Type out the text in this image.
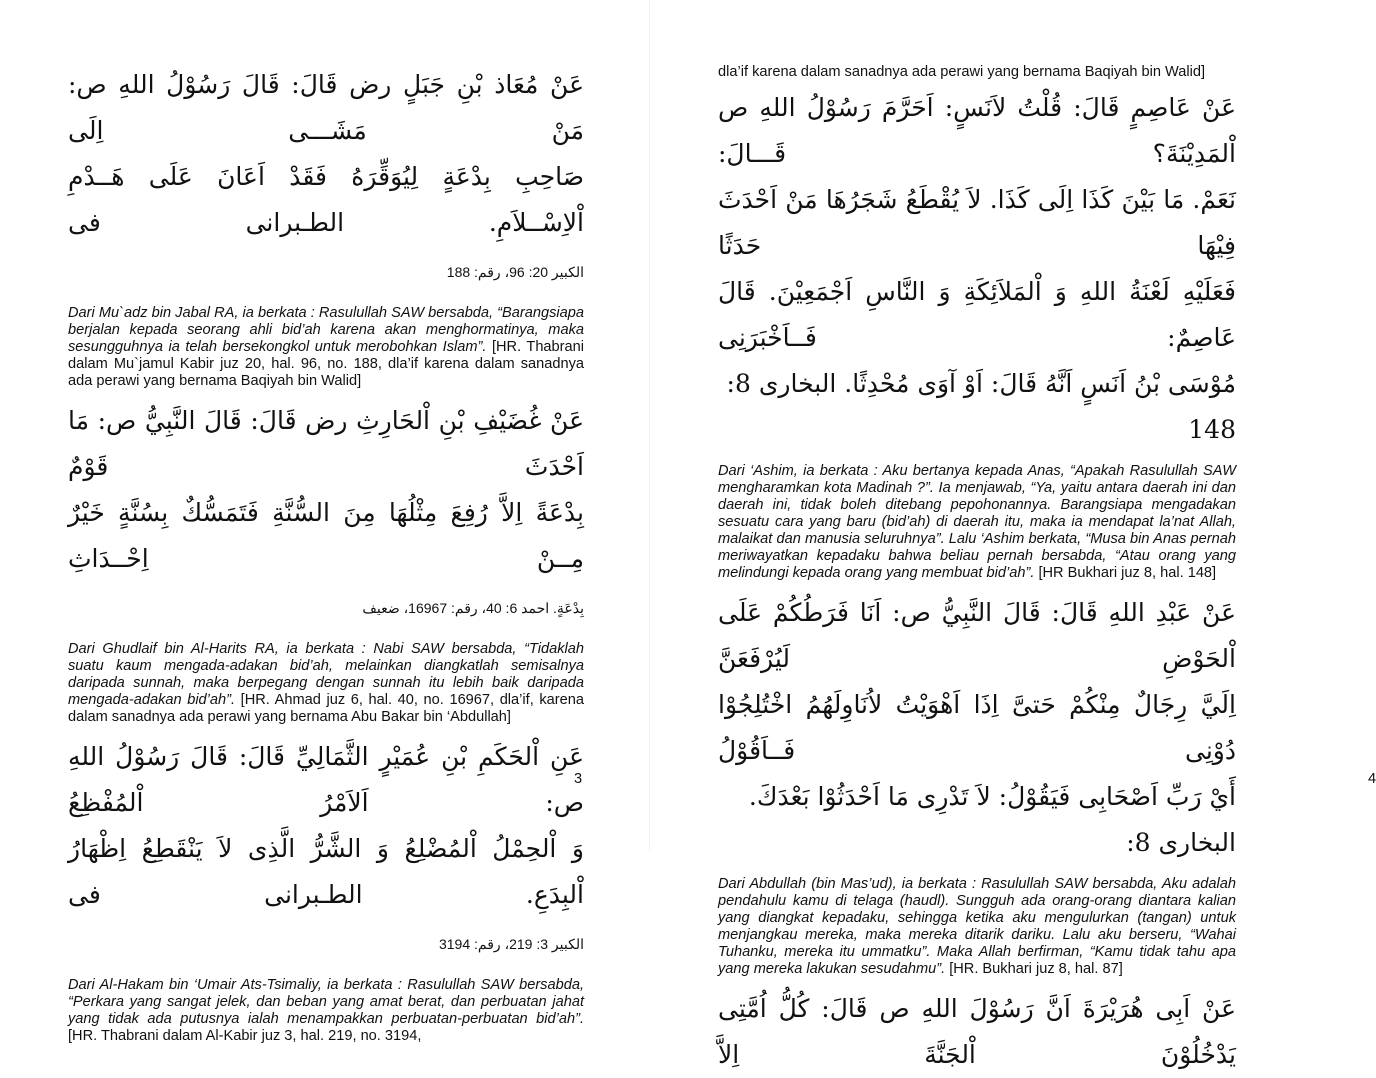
عَنْ مُعَاذ بْنِ جَبَلٍ رض قَالَ: قَالَ رَسُوْلُ اللهِ ص: مَنْ مَشَـــى اِلَى

صَاحِبِ بِدْعَةٍ لِيُوَقِّرَهُ فَقَدْ اَعَانَ عَلَى هَــدْمِ اْلاِسْــلاَمِ. الطـبرانى فى

الكبير 20: 96، رقم: 188

Dari Mu`adz bin Jabal RA, ia berkata : Rasulullah SAW bersabda, “Barangsiapa berjalan kepada seorang ahli bid’ah karena akan menghormatinya, maka sesungguhnya ia telah bersekongkol untuk merobohkan Islam”. [HR. Thabrani dalam Mu`jamul Kabir juz 20, hal. 96, no. 188, dla’if karena dalam sanadnya ada perawi yang bernama Baqiyah bin Walid]

عَنْ غُضَيْفِ بْنِ اْلحَارِثِ رض قَالَ: قَالَ النَّبِيُّ ص: مَا اَحْدَثَ قَوْمٌ

بِدْعَةً اِلاَّ رُفِعَ مِثْلُهَا مِنَ السُّنَّةِ فَتَمَسُّكٌ بِسُنَّةٍ خَيْرٌ مِــنْ اِحْــدَاثِ

بِدْعَةٍ. احمد 6: 40، رقم: 16967، ضعيف

Dari Ghudlaif bin Al-Harits RA, ia berkata : Nabi SAW bersabda, “Tidaklah suatu kaum mengada-adakan bid’ah, melainkan diangkatlah semisalnya daripada sunnah, maka berpegang dengan sunnah itu lebih baik daripada mengada-adakan bid’ah”. [HR. Ahmad juz 6, hal. 40, no. 16967, dla’if, karena dalam sanadnya ada perawi yang bernama Abu Bakar bin ‘Abdullah]

عَنِ اْلحَكَمِ بْنِ عُمَيْرٍ الثَّمَالِيِّ قَالَ: قَالَ رَسُوْلُ اللهِ ص: اَلاَمْرُ اْلمُفْظِعُ

وَ اْلحِمْلُ اْلمُضْلِعُ وَ الشَّرُّ الَّذِى لاَ يَنْقَطِعُ اِظْهَارُ اْلبِدَعِ. الطـبرانى فى

الكبير 3: 219، رقم: 3194

Dari Al-Hakam bin ‘Umair Ats-Tsimaliy, ia berkata : Rasulullah SAW bersabda, “Perkara yang sangat jelek, dan beban yang amat berat, dan perbuatan jahat yang tidak ada putusnya ialah menampakkan perbuatan-perbuatan bid’ah”. [HR. Thabrani dalam Al-Kabir juz 3, hal. 219, no. 3194,

3

dla’if karena dalam sanadnya ada perawi yang bernama Baqiyah bin Walid]

عَنْ عَاصِمٍ قَالَ: قُلْتُ لاَنَسٍ: اَحَرَّمَ رَسُوْلُ اللهِ ص اْلمَدِيْنَةَ؟ قَـــالَ:

نَعَمْ. مَا بَيْنَ كَذَا اِلَى كَذَا. لاَ يُقْطَعُ شَجَرُهَا مَنْ اَحْدَثَ فِيْهَا حَدَثًا

فَعَلَيْهِ لَعْنَةُ اللهِ وَ اْلمَلاَئِكَةِ وَ النَّاسِ اَجْمَعِيْنَ. قَالَ عَاصِمٌ: فَــاَخْبَرَنِى

مُوْسَى بْنُ اَنَسٍ اَنَّهُ قَالَ: اَوْ آوَى مُحْدِثًا. البخارى 8: 148

Dari ‘Ashim, ia berkata : Aku bertanya kepada Anas, “Apakah Rasulullah SAW mengharamkan kota Madinah ?”. Ia menjawab, “Ya, yaitu antara daerah ini dan daerah ini, tidak boleh ditebang pepohonannya. Barangsiapa mengadakan sesuatu cara yang baru (bid’ah) di daerah itu, maka ia mendapat la’nat Allah, malaikat dan manusia seluruhnya”. Lalu ‘Ashim berkata, “Musa bin Anas pernah meriwayatkan kepadaku bahwa beliau pernah bersabda, “Atau orang yang melindungi kepada orang yang membuat bid’ah”. [HR Bukhari juz 8, hal. 148]

عَنْ عَبْدِ اللهِ قَالَ: قَالَ النَّبِيُّ ص: اَنَا فَرَطُكُمْ عَلَى اْلحَوْضِ لَيُرْفَعَنَّ

اِلَيَّ رِجَالٌ مِنْكُمْ حَتىَّ اِذَا اَهْوَيْتُ لاُنَاوِلَهُمُ اخْتُلِجُوْا دُوْنِى فَــاَقُوْلُ

أَيْ رَبِّ اَصْحَابِى فَيَقُوْلُ: لاَ تَدْرِى مَا اَحْدَثُوْا بَعْدَكَ. البخارى 8:

Dari Abdullah (bin Mas’ud), ia berkata : Rasulullah SAW bersabda, Aku adalah pendahulu kamu di telaga (haudl). Sungguh ada orang-orang diantara kalian yang diangkat kepadaku, sehingga ketika aku mengulurkan (tangan) untuk menjangkau mereka, maka mereka ditarik dariku. Lalu aku berseru, “Wahai Tuhanku, mereka itu ummatku”. Maka Allah berfirman, “Kamu tidak tahu apa yang mereka lakukan sesudahmu”. [HR. Bukhari juz 8, hal. 87]

عَنْ اَبِى هُرَيْرَةَ اَنَّ رَسُوْلَ اللهِ ص قَالَ: كُلُّ اُمَّتِى يَدْخُلُوْنَ اْلجَنَّةَ اِلاَّ

4
